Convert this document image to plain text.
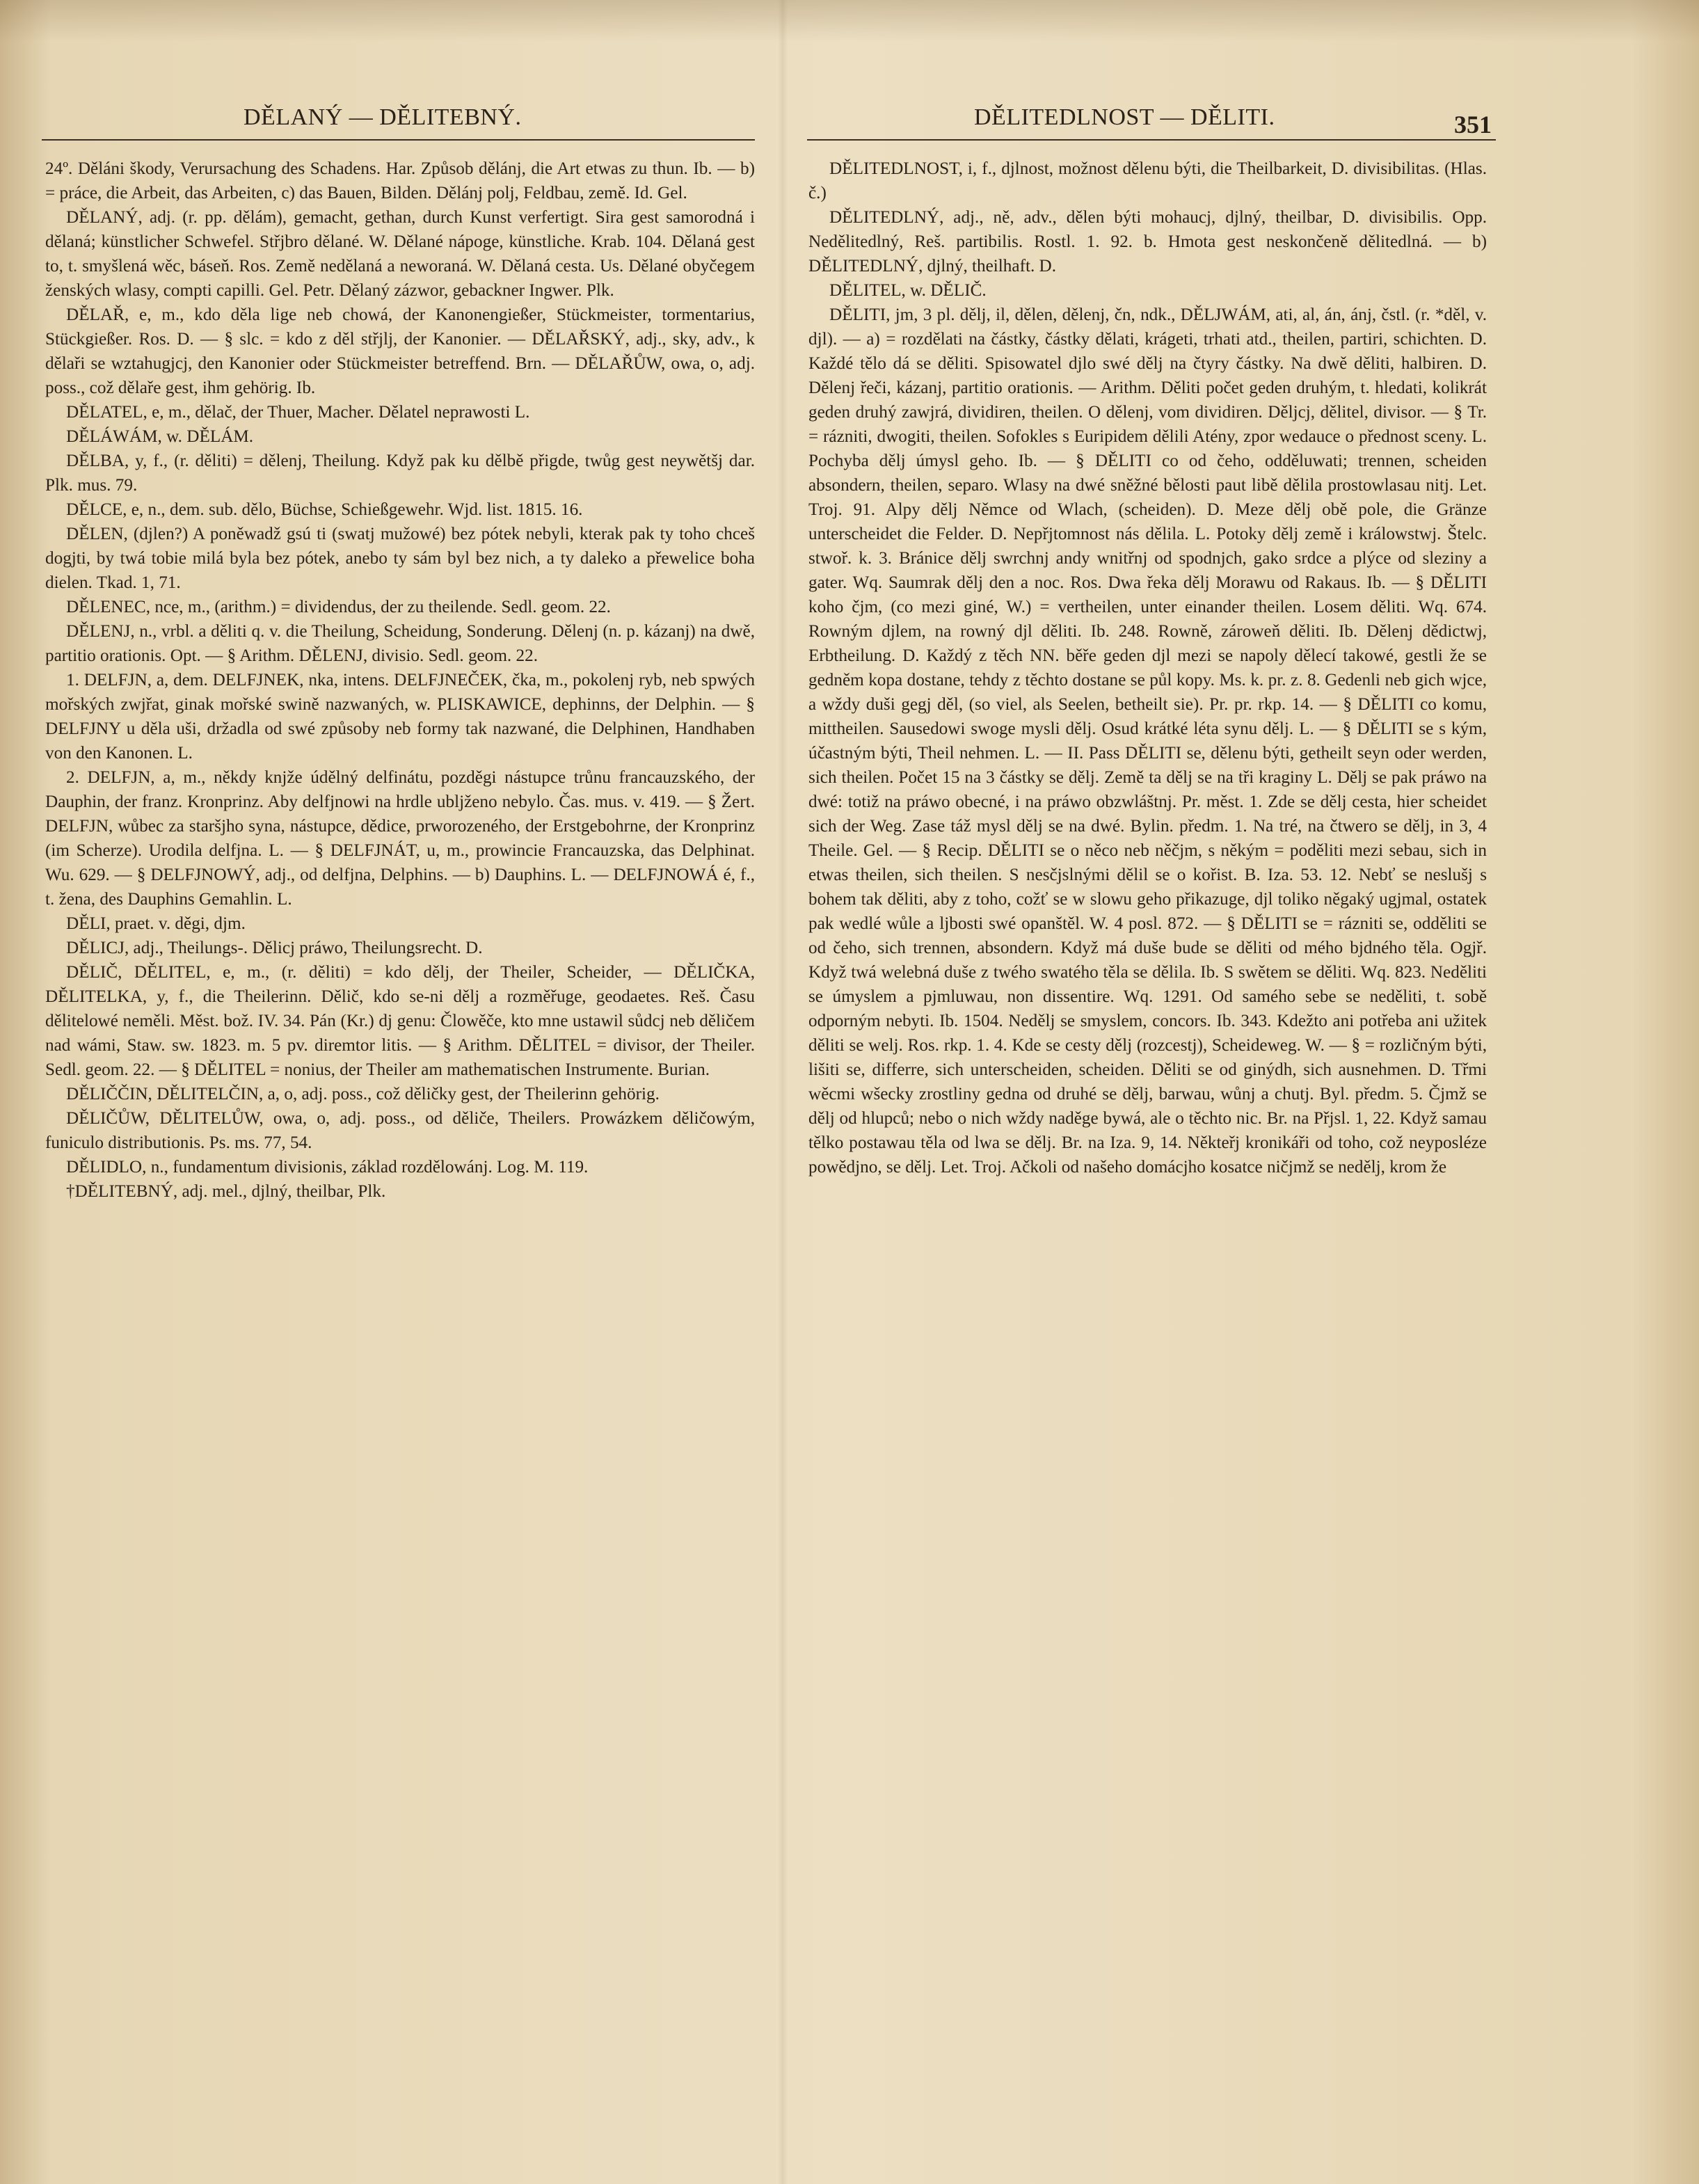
DĚLANÝ — DĚLITEBNÝ.	DĚLITEDLNOST — DĚLITI.	351

24º. Děláni škody, Verursachung des Schadens. Har. Způsob dělánj, die Art etwas zu thun. Ib. — b) = práce, die Arbeit, das Arbeiten, c) das Bauen, Bilden. Dělánj polj, Feldbau, země. Id. Gel.

DĚLANÝ, adj. (r. pp. dělám), gemacht, gethan, durch Kunst verfertigt. Sira gest samorodná i dělaná; künstlicher Schwefel. Střjbro dělané. W. Dělané nápoge, künstliche. Krab. 104. Dělaná gest to, t. smyšlená wěc, báseň. Ros. Země nedělaná a neworaná. W. Dělaná cesta. Us. Dělané obyčegem ženských wlasy, compti capilli. Gel. Petr. Dělaný zázwor, gebackner Ingwer. Plk.

DĚLAŘ, e, m., kdo děla lige neb chowá, der Kanonengießer, Stückmeister, tormentarius, Stückgießer. Ros. D. — § slc. = kdo z děl střjlj, der Kanonier. — DĚLAŘSKÝ, adj., sky, adv., k dělaři se wztahugjcj, den Kanonier oder Stückmeister betreffend. Brn. — DĚLAŘŮW, owa, o, adj. poss., což dělaře gest, ihm gehörig. Ib.

DĚLATEL, e, m., dělač, der Thuer, Macher. Dělatel neprawosti L.

DĚLÁWÁM, w. DĚLÁM.

DĚLBA, y, f., (r. děliti) = dělenj, Theilung. Když pak ku dělbě přigde, twůg gest neywětšj dar. Plk. mus. 79.

DĚLCE, e, n., dem. sub. dělo, Büchse, Schießgewehr. Wjd. list. 1815. 16.

DĚLEN, (djlen?) A poněwadž gsú ti (swatj mužowé) bez pótek nebyli, kterak pak ty toho chceš dogjti, by twá tobie milá byla bez pótek, anebo ty sám byl bez nich, a ty daleko a přewelice boha dielen. Tkad. 1, 71.

DĚLENEC, nce, m., (arithm.) = dividendus, der zu theilende. Sedl. geom. 22.

DĚLENJ, n., vrbl. a děliti q. v. die Theilung, Scheidung, Sonderung. Dělenj (n. p. kázanj) na dwě, partitio orationis. Opt. — § Arithm. DĚLENJ, divisio. Sedl. geom. 22.

1. DELFJN, a, dem. DELFJNEK, nka, intens. DELFJNEČEK, čka, m., pokolenj ryb, neb spwých mořských zwjřat, ginak mořské swině nazwaných, w. PLISKAWICE, dephinns, der Delphin. — § DELFJNY u děla uši, držadla od swé způsoby neb formy tak nazwané, die Delphinen, Handhaben von den Kanonen. L.

2. DELFJN, a, m., někdy knjže údělný delfinátu, pozděgi nástupce trůnu francauzského, der Dauphin, der franz. Kronprinz. Aby delfjnowi na hrdle ubljženo nebylo. Čas. mus. v. 419. — § Žert. DELFJN, wůbec za staršjho syna, nástupce, dědice, prworozeného, der Erstgebohrne, der Kronprinz (im Scherze). Urodila delfjna. L. — § DELFJNÁT, u, m., prowincie Francauzska, das Delphinat. Wu. 629. — § DELFJNOWÝ, adj., od delfjna, Delphins. — b) Dauphins. L. — DELFJNOWÁ é, f., t. žena, des Dauphins Gemahlin. L.

DĚLI, praet. v. děgi, djm.

DĚLICJ, adj., Theilungs-. Dělicj práwo, Theilungsrecht. D.

DĚLIČ, DĚLITEL, e, m., (r. děliti) = kdo dělj, der Theiler, Scheider, — DĚLIČKA, DĚLITELKA, y, f., die Theilerinn. Dělič, kdo se-ni dělj a rozměřuge, geodaetes. Reš. Času dělitelowé neměli. Měst. bož. IV. 34. Pán (Kr.) dj genu: Člowěče, kto mne ustawil sůdcj neb děličem nad wámi, Staw. sw. 1823. m. 5 pv. diremtor litis. — § Arithm. DĚLITEL = divisor, der Theiler. Sedl. geom. 22. — § DĚLITEL = nonius, der Theiler am mathematischen Instrumente. Burian.

DĚLIČČIN, DĚLITELČIN, a, o, adj. poss., což děličky gest, der Theilerinn gehörig.

DĚLIČŮW, DĚLITELŮW, owa, o, adj. poss., od děliče, Theilers. Prowázkem děličowým, funiculo distributionis. Ps. ms. 77, 54.

DĚLIDLO, n., fundamentum divisionis, základ rozdělowánj. Log. M. 119.

†DĚLITEBNÝ, adj. mel., djlný, theilbar, Plk.

DĚLITEDLNOST, i, f., djlnost, možnost dělenu býti, die Theilbarkeit, D. divisibilitas. (Hlas. č.)

DĚLITEDLNÝ, adj., ně, adv., dělen býti mohaucj, djlný, theilbar, D. divisibilis. Opp. Nedělitedlný, Reš. partibilis. Rostl. 1. 92. b. Hmota gest neskončeně dělitedlná. — b) DĚLITEDLNÝ, djlný, theilhaft. D.

DĚLITEL, w. DĚLIČ.

DĚLITI, jm, 3 pl. dělj, il, dělen, dělenj, čn, ndk., DĚLJWÁM, ati, al, án, ánj, čstl. (r. *děl, v. djl). — a) = rozdělati na částky, částky dělati, krágeti, trhati atd., theilen, partiri, schichten. D. Každé tělo dá se děliti. Spisowatel djlo swé dělj na čtyry částky. Na dwě děliti, halbiren. D. Dělenj řeči, kázanj, partitio orationis. — Arithm. Děliti počet geden druhým, t. hledati, kolikrát geden druhý zawjrá, dividiren, theilen. O dělenj, vom dividiren. Děljcj, dělitel, divisor. — § Tr. = rázniti, dwogiti, theilen. Sofokles s Euripidem dělili Atény, zpor wedauce o přednost sceny. L. Pochyba dělj úmysl geho. Ib. — § DĚLITI co od čeho, odděluwati; trennen, scheiden absondern, theilen, separo. Wlasy na dwé sněžné bělosti paut libě dělila prostowlasau nitj. Let. Troj. 91. Alpy dělj Němce od Wlach, (scheiden). D. Meze dělj obě pole, die Gränze unterscheidet die Felder. D. Nepřjtomnost nás dělila. L. Potoky dělj země i králowstwj. Štelc. stwoř. k. 3. Bránice dělj swrchnj andy wnitřnj od spodnjch, gako srdce a plýce od sleziny a gater. Wq. Saumrak dělj den a noc. Ros. Dwa řeka dělj Morawu od Rakaus. Ib. — § DĚLITI koho čjm, (co mezi giné, W.) = vertheilen, unter einander theilen. Losem děliti. Wq. 674. Rowným djlem, na rowný djl děliti. Ib. 248. Rowně, zároweň děliti. Ib. Dělenj dědictwj, Erbtheilung. D. Každý z těch NN. běře geden djl mezi se napoly dělecí takowé, gestli že se gedněm kopa dostane, tehdy z těchto dostane se půl kopy. Ms. k. pr. z. 8. Gedenli neb gich wjce, a wždy duši gegj děl, (so viel, als Seelen, betheilt sie). Pr. pr. rkp. 14. — § DĚLITI co komu, mittheilen. Sausedowi swoge mysli dělj. Osud krátké léta synu dělj. L. — § DĚLITI se s kým, účastným býti, Theil nehmen. L. — II. Pass DĚLITI se, dělenu býti, getheilt seyn oder werden, sich theilen. Počet 15 na 3 částky se dělj. Země ta dělj se na tři kraginy L. Dělj se pak práwo na dwé: totiž na práwo obecné, i na práwo obzwláštnj. Pr. měst. 1. Zde se dělj cesta, hier scheidet sich der Weg. Zase táž mysl dělj se na dwé. Bylin. předm. 1. Na tré, na čtwero se dělj, in 3, 4 Theile. Gel. — § Recip. DĚLITI se o něco neb něčjm, s někým = poděliti mezi sebau, sich in etwas theilen, sich theilen. S nesčjslnými dělil se o kořist. B. Iza. 53. 12. Nebť se neslušj s bohem tak děliti, aby z toho, cožť se w slowu geho přikazuge, djl toliko něgaký ugjmal, ostatek pak wedlé wůle a ljbosti swé opanštěl. W. 4 posl. 872. — § DĚLITI se = rázniti se, odděliti se od čeho, sich trennen, absondern. Když má duše bude se děliti od mého bjdného těla. Ogjř. Když twá welebná duše z twého swatého těla se dělila. Ib. S swětem se děliti. Wq. 823. Neděliti se úmyslem a pjmluwau, non dissentire. Wq. 1291. Od samého sebe se neděliti, t. sobě odporným nebyti. Ib. 1504. Nedělj se smyslem, concors. Ib. 343. Kdežto ani potřeba ani užitek děliti se welj. Ros. rkp. 1. 4. Kde se cesty dělj (rozcestj), Scheideweg. W. — § = rozličným býti, lišiti se, differre, sich unterscheiden, scheiden. Děliti se od ginýdh, sich ausnehmen. D. Třmi wěcmi wšecky zrostliny gedna od druhé se dělj, barwau, wůnj a chutj. Byl. předm. 5. Čjmž se dělj od hlupců; nebo o nich wždy naděge bywá, ale o těchto nic. Br. na Přjsl. 1, 22. Když samau tělko postawau těla od lwa se dělj. Br. na Iza. 9, 14. Někteřj kronikáři od toho, což neyposléze powědjno, se dělj. Let. Troj. Ačkoli od našeho domácjho kosatce ničjmž se nedělj, krom že
